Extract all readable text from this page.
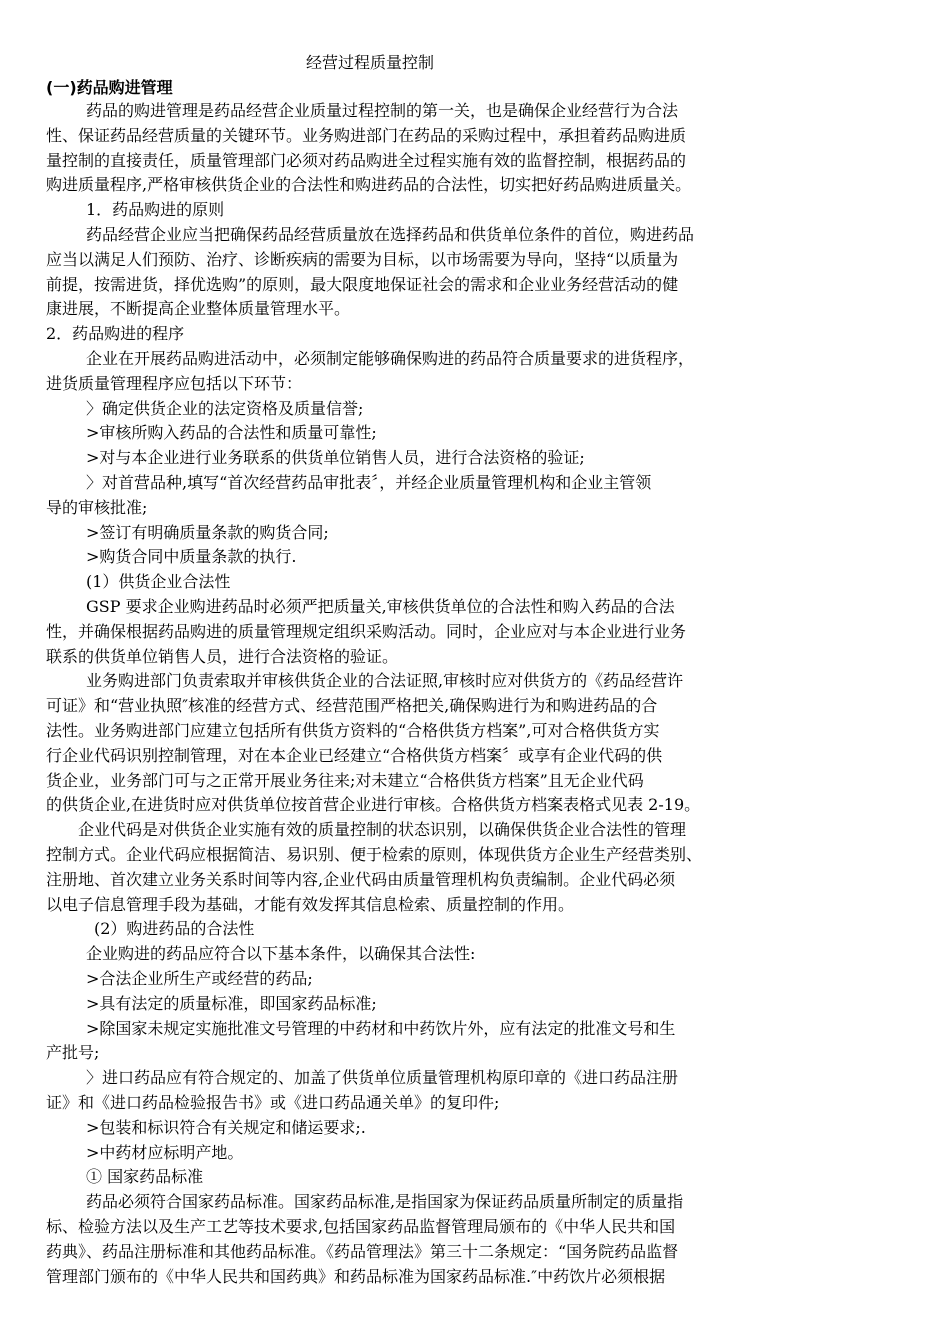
经营过程质量控制
(一)药品购进管理
药品的购进管理是药品经营企业质量过程控制的第一关，也是确保企业经营行为合法
性、保证药品经营质量的关键环节。业务购进部门在药品的采购过程中，承担着药品购进质
量控制的直接责任，质量管理部门必须对药品购进全过程实施有效的监督控制，根据药品的
购进质量程序,严格审核供货企业的合法性和购进药品的合法性，切实把好药品购进质量关。
1．药品购进的原则
药品经营企业应当把确保药品经营质量放在选择药品和供货单位条件的首位，购进药品
应当以满足人们预防、治疗、诊断疾病的需要为目标，以市场需要为导向，坚持“以质量为
前提，按需进货，择优选购”的原则，最大限度地保证社会的需求和企业业务经营活动的健
康进展，不断提高企业整体质量管理水平。
2．药品购进的程序
企业在开展药品购进活动中，必须制定能够确保购进的药品符合质量要求的进货程序，
进货质量管理程序应包括以下环节：
〉确定供货企业的法定资格及质量信誉;
>审核所购入药品的合法性和质量可靠性;
>对与本企业进行业务联系的供货单位销售人员，进行合法资格的验证;
〉对首营品种,填写“首次经营药品审批表〞，并经企业质量管理机构和企业主管领
导的审核批准;
>签订有明确质量条款的购货合同;
>购货合同中质量条款的执行.
(1）供货企业合法性
GSP 要求企业购进药品时必须严把质量关,审核供货单位的合法性和购入药品的合法
性，并确保根据药品购进的质量管理规定组织采购活动。同时，企业应对与本企业进行业务
联系的供货单位销售人员，进行合法资格的验证。
业务购进部门负责索取并审核供货企业的合法证照,审核时应对供货方的《药品经营许
可证》和“营业执照″核准的经营方式、经营范围严格把关,确保购进行为和购进药品的合
法性。业务购进部门应建立包括所有供货方资料的“合格供货方档案”,可对合格供货方实
行企业代码识别控制管理，对在本企业已经建立“合格供货方档案〞或享有企业代码的供
货企业，业务部门可与之正常开展业务往来;对未建立“合格供货方档案”且无企业代码
的供货企业,在进货时应对供货单位按首营企业进行审核。合格供货方档案表格式见表 2-19。
企业代码是对供货企业实施有效的质量控制的状态识别，以确保供货企业合法性的管理
控制方式。企业代码应根据简洁、易识别、便于检索的原则，体现供货方企业生产经营类别、
注册地、首次建立业务关系时间等内容,企业代码由质量管理机构负责编制。企业代码必须
以电子信息管理手段为基础，才能有效发挥其信息检索、质量控制的作用。
(2）购进药品的合法性
企业购进的药品应符合以下基本条件，以确保其合法性:
>合法企业所生产或经营的药品;
>具有法定的质量标准，即国家药品标准;
>除国家未规定实施批准文号管理的中药材和中药饮片外，应有法定的批准文号和生
产批号;
〉进口药品应有符合规定的、加盖了供货单位质量管理机构原印章的《进口药品注册
证》和《进口药品检验报告书》或《进口药品通关单》的复印件;
>包装和标识符合有关规定和储运要求;.
>中药材应标明产地。
① 国家药品标准
药品必须符合国家药品标准。国家药品标准,是指国家为保证药品质量所制定的质量指
标、检验方法以及生产工艺等技术要求,包括国家药品监督管理局颁布的《中华人民共和国
药典》、药品注册标准和其他药品标准。《药品管理法》第三十二条规定：“国务院药品监督
管理部门颁布的《中华人民共和国药典》和药品标准为国家药品标准.″中药饮片必须根据
